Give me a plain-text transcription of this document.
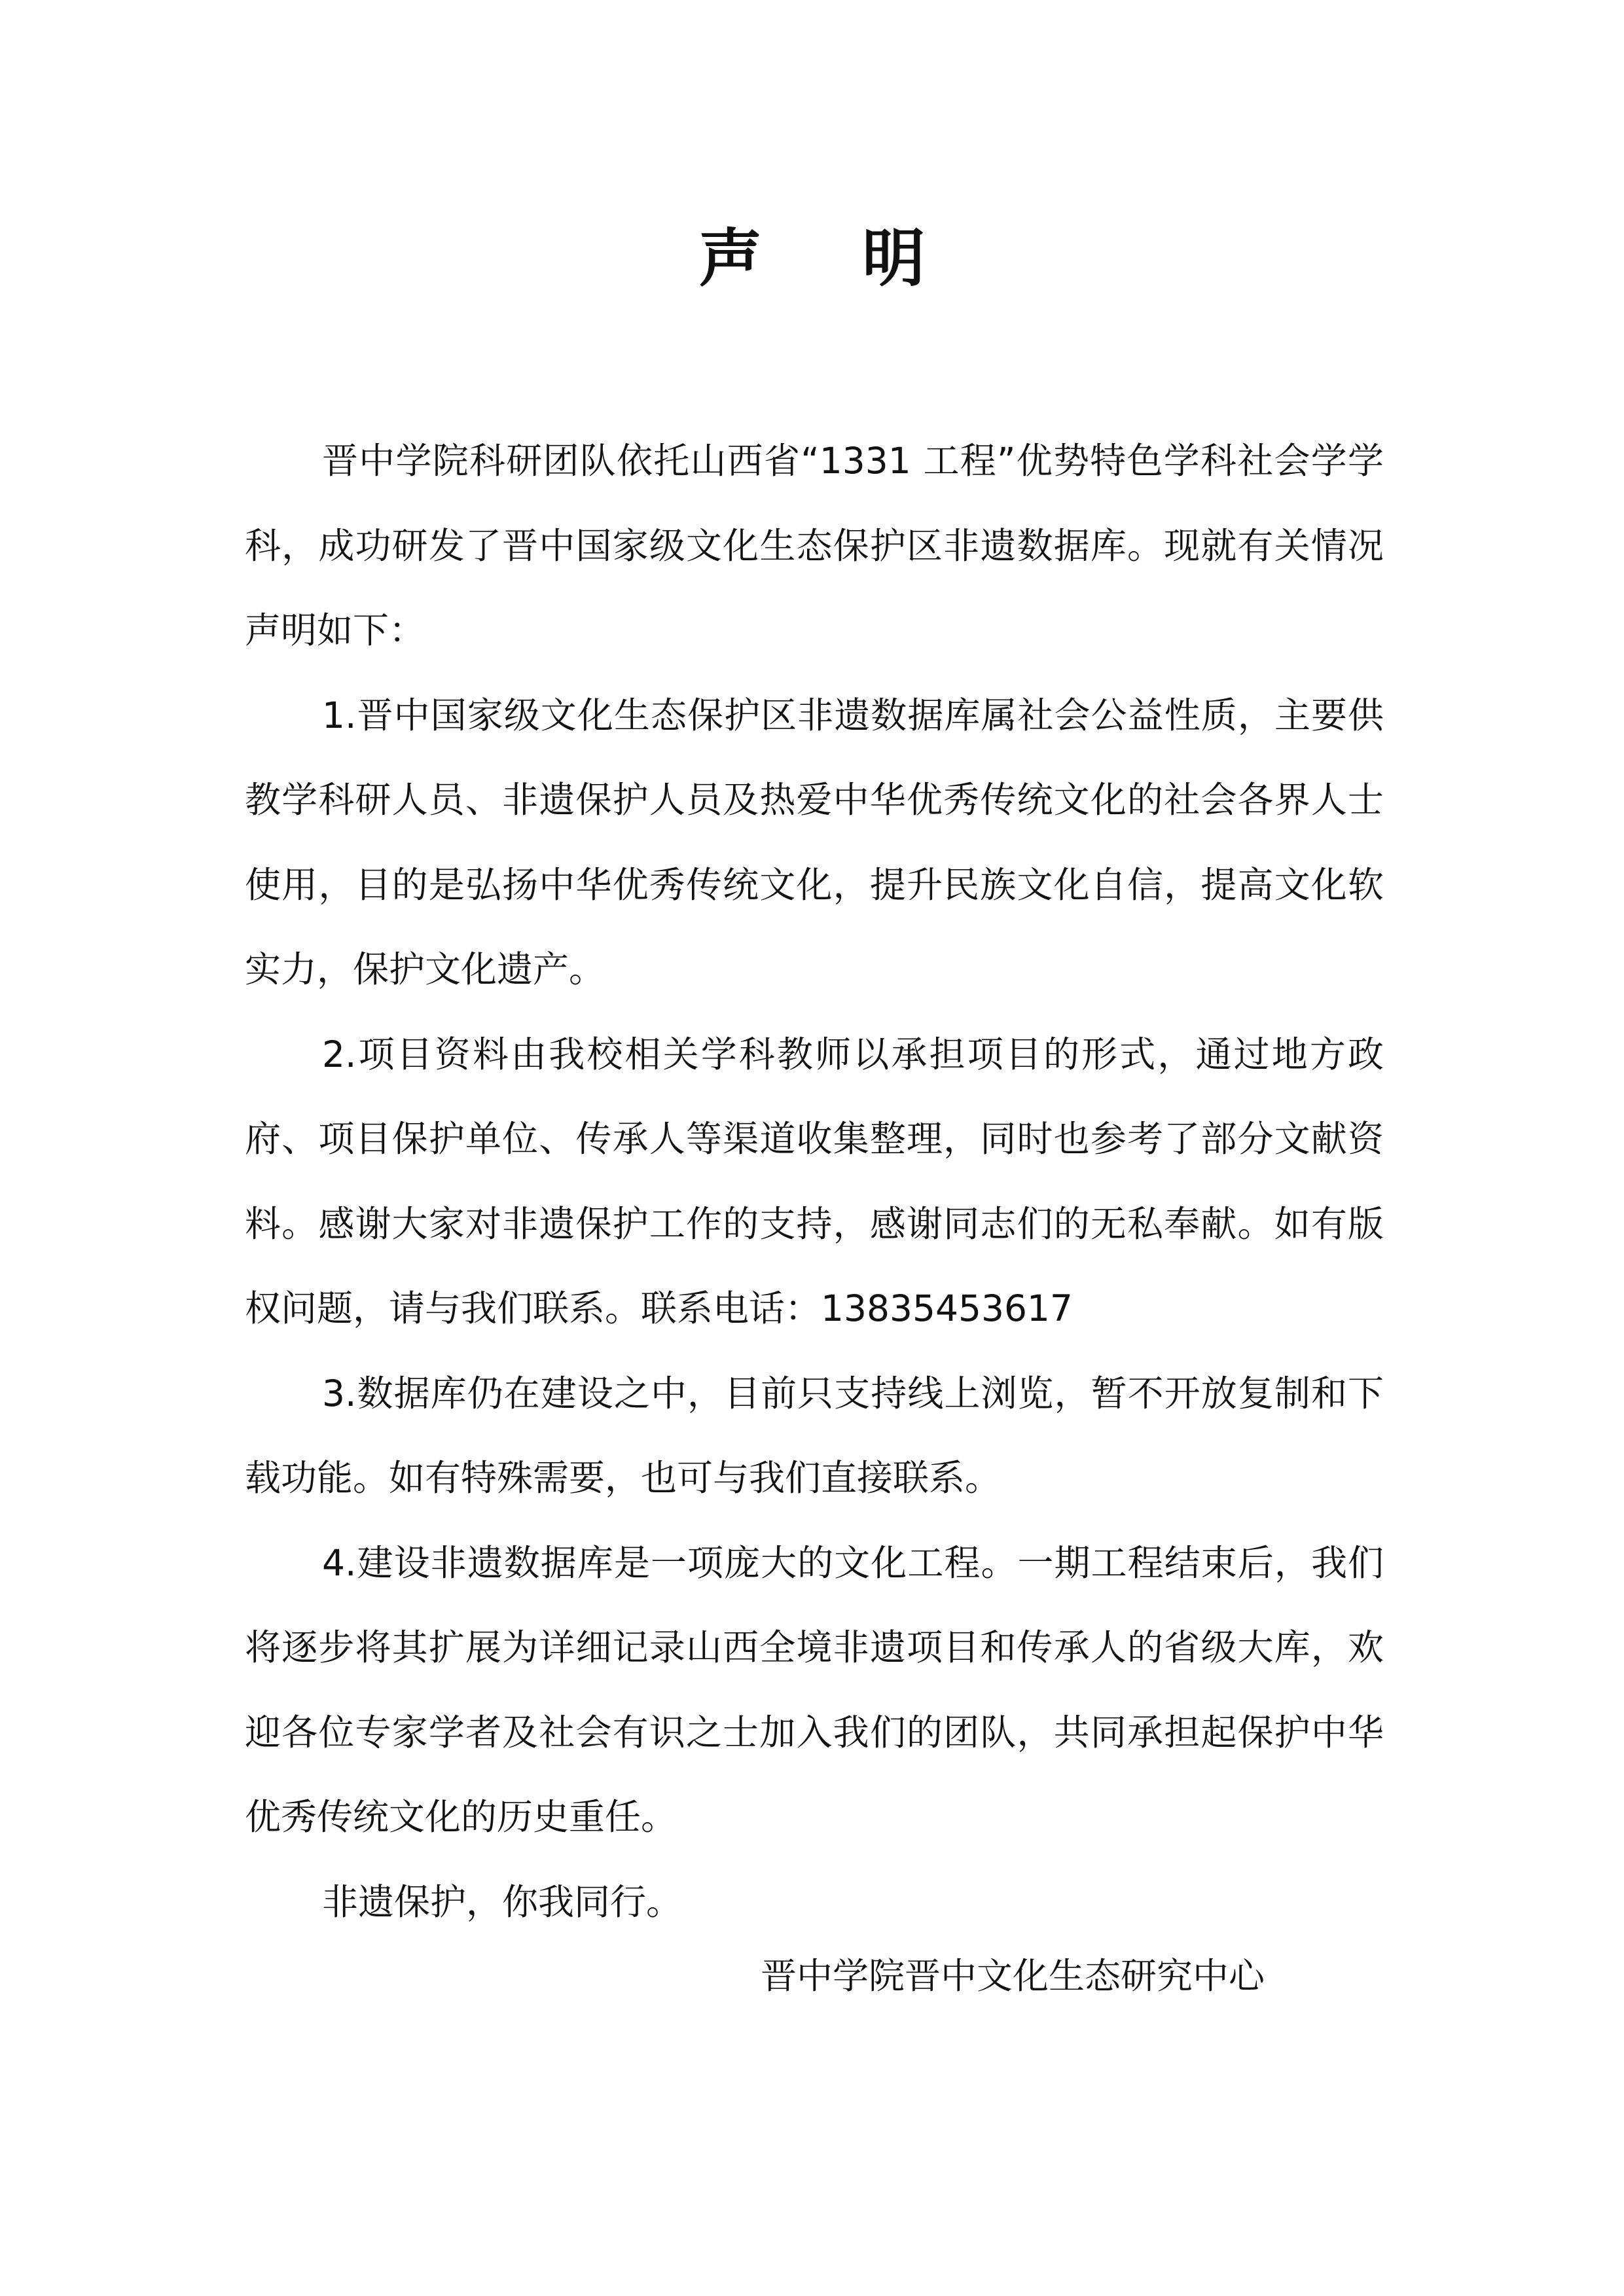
声 明

晋中学院科研团队依托山西省“1331 工程”优势特色学科社会学学科，成功研发了晋中国家级文化生态保护区非遗数据库。现就有关情况声明如下：

1.晋中国家级文化生态保护区非遗数据库属社会公益性质，主要供教学科研人员、非遗保护人员及热爱中华优秀传统文化的社会各界人士使用，目的是弘扬中华优秀传统文化，提升民族文化自信，提高文化软实力，保护文化遗产。

2.项目资料由我校相关学科教师以承担项目的形式，通过地方政府、项目保护单位、传承人等渠道收集整理，同时也参考了部分文献资料。感谢大家对非遗保护工作的支持，感谢同志们的无私奉献。如有版权问题，请与我们联系。联系电话：13835453617

3.数据库仍在建设之中，目前只支持线上浏览，暂不开放复制和下载功能。如有特殊需要，也可与我们直接联系。

4.建设非遗数据库是一项庞大的文化工程。一期工程结束后，我们将逐步将其扩展为详细记录山西全境非遗项目和传承人的省级大库，欢迎各位专家学者及社会有识之士加入我们的团队，共同承担起保护中华优秀传统文化的历史重任。

非遗保护，你我同行。

晋中学院晋中文化生态研究中心
